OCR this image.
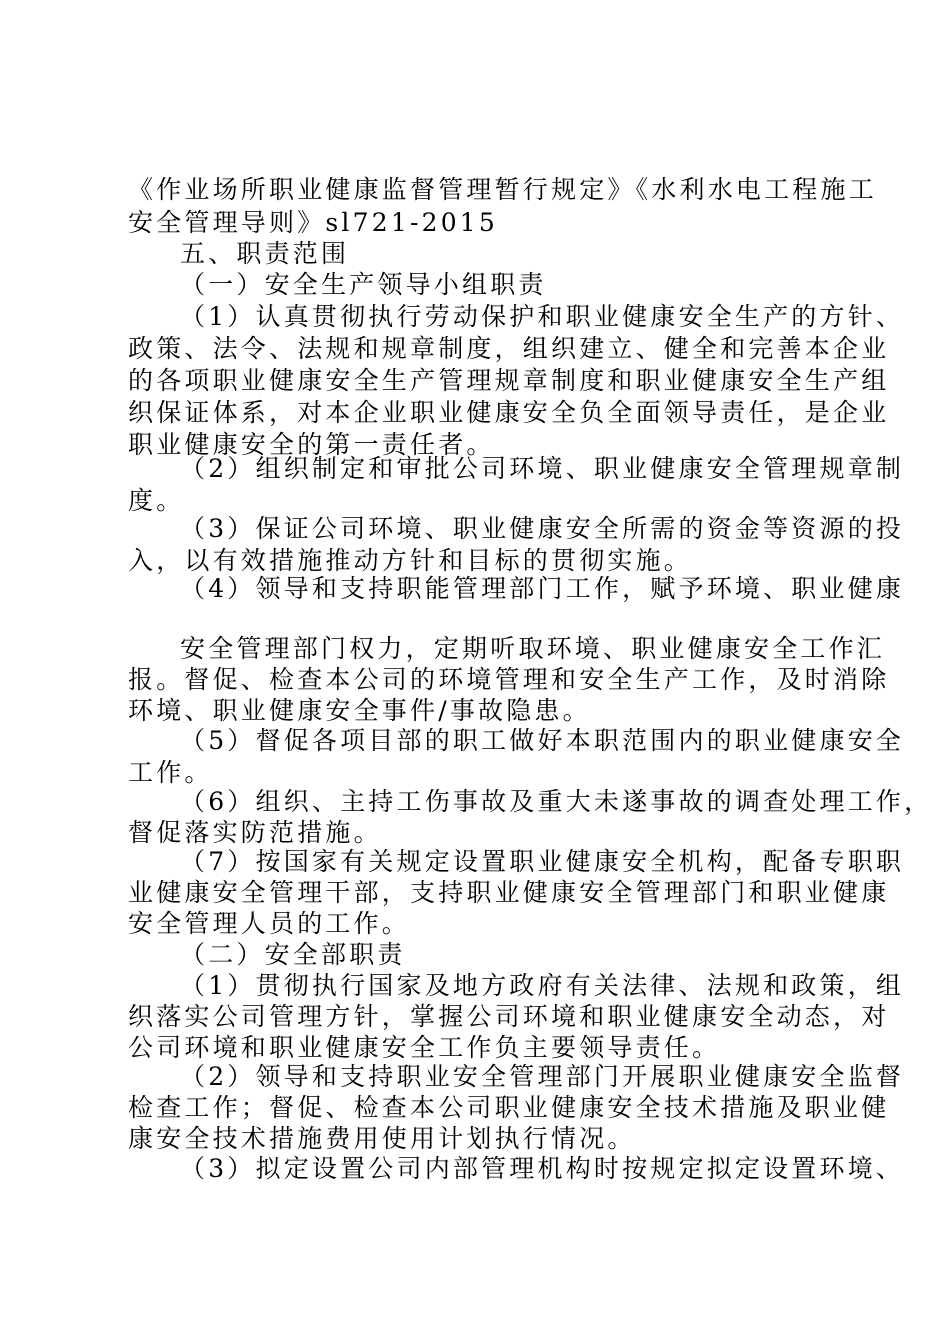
《作业场所职业健康监督管理暂行规定》《水利水电工程施工
安全管理导则》sl721-2015
五、职责范围
（一）安全生产领导小组职责
（1）认真贯彻执行劳动保护和职业健康安全生产的方针、
政策、法令、法规和规章制度，组织建立、健全和完善本企业
的各项职业健康安全生产管理规章制度和职业健康安全生产组
织保证体系，对本企业职业健康安全负全面领导责任，是企业
职业健康安全的第一责任者。
（2）组织制定和审批公司环境、职业健康安全管理规章制
度。
（3）保证公司环境、职业健康安全所需的资金等资源的投
入，以有效措施推动方针和目标的贯彻实施。
（4）领导和支持职能管理部门工作，赋予环境、职业健康
安全管理部门权力，定期听取环境、职业健康安全工作汇
报。督促、检查本公司的环境管理和安全生产工作，及时消除
环境、职业健康安全事件/事故隐患。
（5）督促各项目部的职工做好本职范围内的职业健康安全
工作。
（6）组织、主持工伤事故及重大未遂事故的调查处理工作，
督促落实防范措施。
（7）按国家有关规定设置职业健康安全机构，配备专职职
业健康安全管理干部，支持职业健康安全管理部门和职业健康
安全管理人员的工作。
（二）安全部职责
（1）贯彻执行国家及地方政府有关法律、法规和政策，组
织落实公司管理方针，掌握公司环境和职业健康安全动态，对
公司环境和职业健康安全工作负主要领导责任。
（2）领导和支持职业安全管理部门开展职业健康安全监督
检查工作；督促、检查本公司职业健康安全技术措施及职业健
康安全技术措施费用使用计划执行情况。
（3）拟定设置公司内部管理机构时按规定拟定设置环境、
